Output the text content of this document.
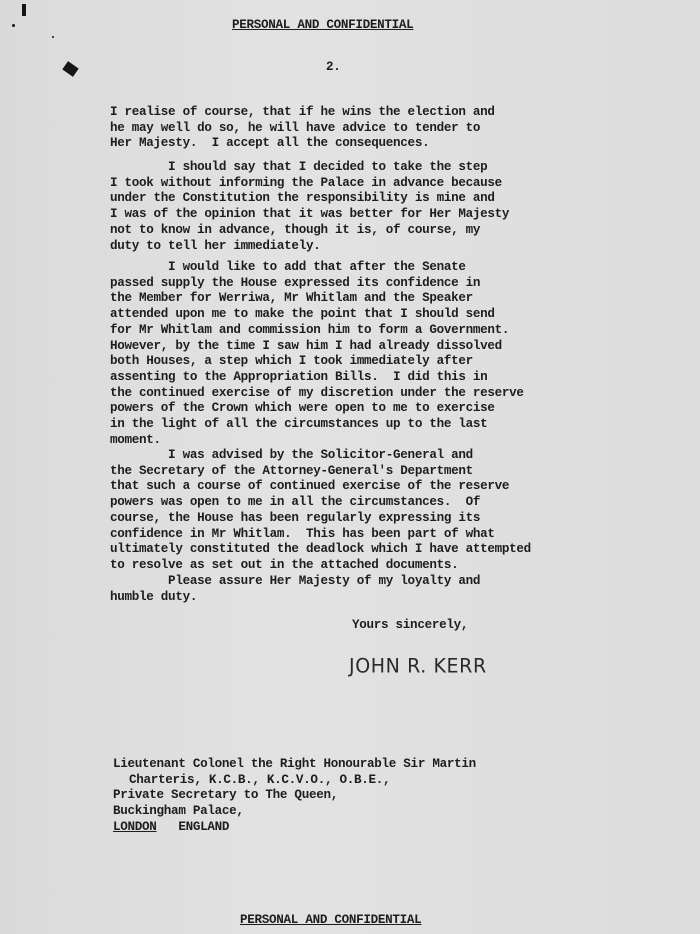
PERSONAL AND CONFIDENTIAL
2.
I realise of course, that if he wins the election and
he may well do so, he will have advice to tender to
Her Majesty.  I accept all the consequences.
I should say that I decided to take the step
I took without informing the Palace in advance because
under the Constitution the responsibility is mine and
I was of the opinion that it was better for Her Majesty
not to know in advance, though it is, of course, my
duty to tell her immediately.
I would like to add that after the Senate
passed supply the House expressed its confidence in
the Member for Werriwa, Mr Whitlam and the Speaker
attended upon me to make the point that I should send
for Mr Whitlam and commission him to form a Government.
However, by the time I saw him I had already dissolved
both Houses, a step which I took immediately after
assenting to the Appropriation Bills.  I did this in
the continued exercise of my discretion under the reserve
powers of the Crown which were open to me to exercise
in the light of all the circumstances up to the last
moment.
I was advised by the Solicitor-General and
the Secretary of the Attorney-General's Department
that such a course of continued exercise of the reserve
powers was open to me in all the circumstances.  Of
course, the House has been regularly expressing its
confidence in Mr Whitlam.  This has been part of what
ultimately constituted the deadlock which I have attempted
to resolve as set out in the attached documents.
Please assure Her Majesty of my loyalty and
humble duty.
Yours sincerely,
JOHN R. KERR
Lieutenant Colonel the Right Honourable Sir Martin
Charteris, K.C.B., K.C.V.O., O.B.E.,
Private Secretary to The Queen,
Buckingham Palace,
LONDON ENGLAND
PERSONAL AND CONFIDENTIAL
